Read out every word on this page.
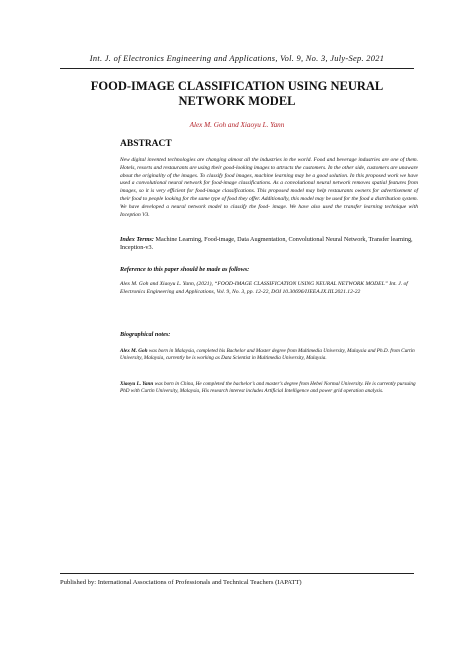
Int. J. of Electronics Engineering and Applications, Vol. 9, No. 3, July-Sep. 2021
FOOD-IMAGE CLASSIFICATION USING NEURAL NETWORK MODEL
Alex M. Goh and Xiaoyu L. Yann
ABSTRACT
New digital invented technologies are changing almost all the industries in the world. Food and beverage industries are one of them. Hotels, resorts and restaurants are using their good-looking images to attracts the customers. In the other side, customers are unaware about the originality of the images. To classify food images, machine learning may be a good solution. In this proposed work we have used a convolutional neural network for food-image classifications. As a convolutional neural network removes spatial features from images, so it is very efficient for food-image classifications. This proposed model may help restaurants owners for advertisement of their food to people looking for the same type of food they offer. Additionally, this model may be used for the food a distribution system. We have developed a neural network model to classify the food- image. We have also used the transfer learning technique with Inception V3.
Index Terms: Machine Learning, Food-image, Data Augmentation, Convolutional Neural Network, Transfer learning, Inception-v3.
Reference to this paper should be made as follows:
Alex M. Goh and Xiaoyu L. Yann, (2021), “FOOD-IMAGE CLASSIFICATION USING NEURAL NETWORK MODEL” Int. J. of Electronics Engineering and Applications, Vol. 9, No. 3, pp. 12-22, DOI 10.30696/IJEEA.IX.III.2021.12-22
Biographical notes:
Alex M. Goh was born in Malaysia, completed his Bachelor and Master degree from Multimedia University, Malaysia and Ph.D. from Curtin University, Malaysia, currently he is working as Data Scientist in Multimedia University, Malaysia.
Xiaoyu L. Yann was born in China, He completed the bachelor’s and master’s degree from Hebei Normal University. He is currently pursuing PhD with Curtin University, Malaysia, His research interest includes Artificial Intelligence and power grid operation analysis.
Published by: International Associations of Professionals and Technical Teachers (IAPATT)
